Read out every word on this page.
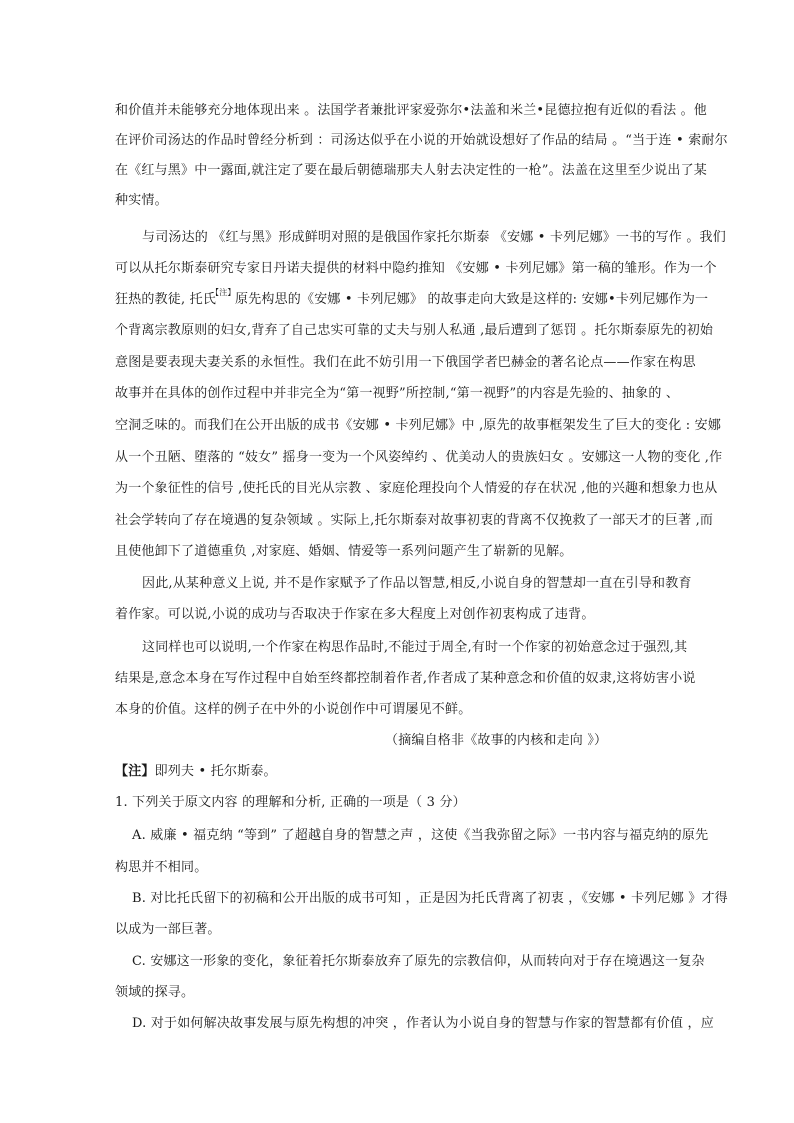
和价值并未能够充分地体现出来 。法国学者兼批评家爱弥尔•法盖和米兰•昆德拉抱有近似的看法 。他
在评价司汤达的作品时曾经分析到 ：司汤达似乎在小说的开始就设想好了作品的结局 。“当于连 • 索耐尔
在《红与黑》中一露面,就注定了要在最后朝德瑞那夫人射去决定性的一枪”。法盖在这里至少说出了某
种实情。
与司汤达的 《红与黑》形成鲜明对照的是俄国作家托尔斯泰 《安娜 • 卡列尼娜》一书的写作 。我们
可以从托尔斯泰研究专家日丹诺夫提供的材料中隐约推知 《安娜 • 卡列尼娜》第一稿的雏形。作为一个
狂热的教徒, 托氏
【注】 原先构思的《安娜 • 卡列尼娜》 的故事走向大致是这样的: 安娜•卡列尼娜作为一
个背离宗教原则的妇女,背弃了自己忠实可靠的丈夫与别人私通 ,最后遭到了惩罚 。托尔斯泰原先的初始
意图是要表现夫妻关系的永恒性。我们在此不妨引用一下俄国学者巴赫金的著名论点——作家在构思
故事并在具体的创作过程中并非完全为“第一视野”所控制,“第一视野”的内容是先验的、抽象的 、
空洞乏味的。而我们在公开出版的成书《安娜 • 卡列尼娜》中 ,原先的故事框架发生了巨大的变化 : 安娜
从一个丑陋、堕落的 “妓女” 摇身一变为一个风姿绰约 、优美动人的贵族妇女 。安娜这一人物的变化 ,作
为一个象征性的信号 ,使托氏的目光从宗教 、家庭伦理投向个人情爱的存在状况 ,他的兴趣和想象力也从
社会学转向了存在境遇的复杂领域 。实际上,托尔斯泰对故事初衷的背离不仅挽救了一部天才的巨著 ,而
且使他卸下了道德重负 ,对家庭、婚姻、情爱等一系列问题产生了崭新的见解。
因此,从某种意义上说, 并不是作家赋予了作品以智慧,相反,小说自身的智慧却一直在引导和教育
着作家。可以说,小说的成功与否取决于作家在多大程度上对创作初衷构成了违背。
这同样也可以说明,一个作家在构思作品时,不能过于周全,有时一个作家的初始意念过于强烈,其
结果是,意念本身在写作过程中自始至终都控制着作者,作者成了某种意念和价值的奴隶,这将妨害小说
本身的价值。这样的例子在中外的小说创作中可谓屡见不鲜。
（摘编自格非《故事的内核和走向 》）
【注】即列夫 • 托尔斯泰。
1. 下列关于原文内容 的理解和分析, 正确的一项是（ 3 分）
A. 威廉 • 福克纳 “等到” 了超越自身的智慧之声 ，这使《当我弥留之际》一书内容与福克纳的原先
构思并不相同。
B. 对比托氏留下的初稿和公开出版的成书可知 ，正是因为托氏背离了初衷 ，《安娜 • 卡列尼娜 》才得
以成为一部巨著。
C. 安娜这一形象的变化，象征着托尔斯泰放弃了原先的宗教信仰，从而转向对于存在境遇这一复杂
领域的探寻。
D. 对于如何解决故事发展与原先构想的冲突 ，作者认为小说自身的智慧与作家的智慧都有价值 ，应
